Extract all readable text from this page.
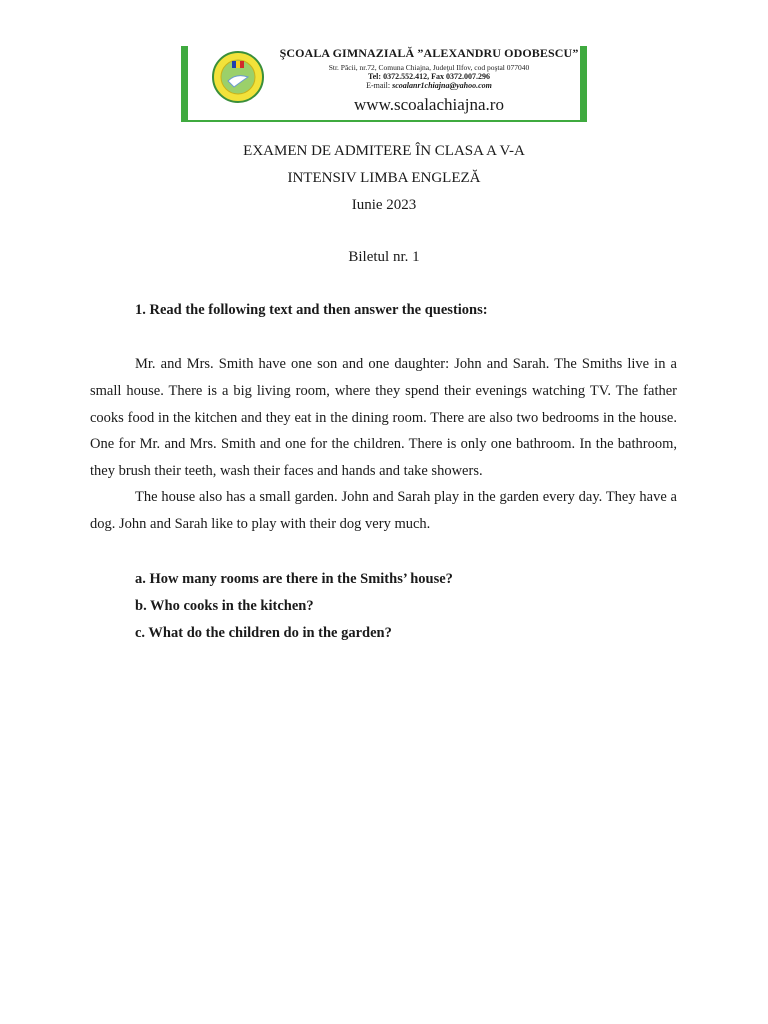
ŞCOALA GIMNAZIALĂ ”ALEXANDRU ODOBESCU”
Str. Păcii, nr.72, Comuna Chiajna, Judeţul Ilfov, cod poştal 077040
Tel: 0372.552.412, Fax 0372.007.296
E-mail: scoalanr1chiajna@yahoo.com
www.scoalachiajna.ro
EXAMEN DE ADMITERE ÎN CLASA A V-A
INTENSIV LIMBA ENGLEZĂ
Iunie 2023
Biletul nr. 1
1. Read the following text and then answer the questions:

Mr. and Mrs. Smith have one son and one daughter: John and Sarah. The Smiths live in a small house. There is a big living room, where they spend their evenings watching TV. The father cooks food in the kitchen and they eat in the dining room. There are also two bedrooms in the house. One for Mr. and Mrs. Smith and one for the children. There is only one bathroom. In the bathroom, they brush their teeth, wash their faces and hands and take showers.

The house also has a small garden. John and Sarah play in the garden every day. They have a dog. John and Sarah like to play with their dog very much.

a. How many rooms are there in the Smiths’ house?
b. Who cooks in the kitchen?
c. What do the children do in the garden?
